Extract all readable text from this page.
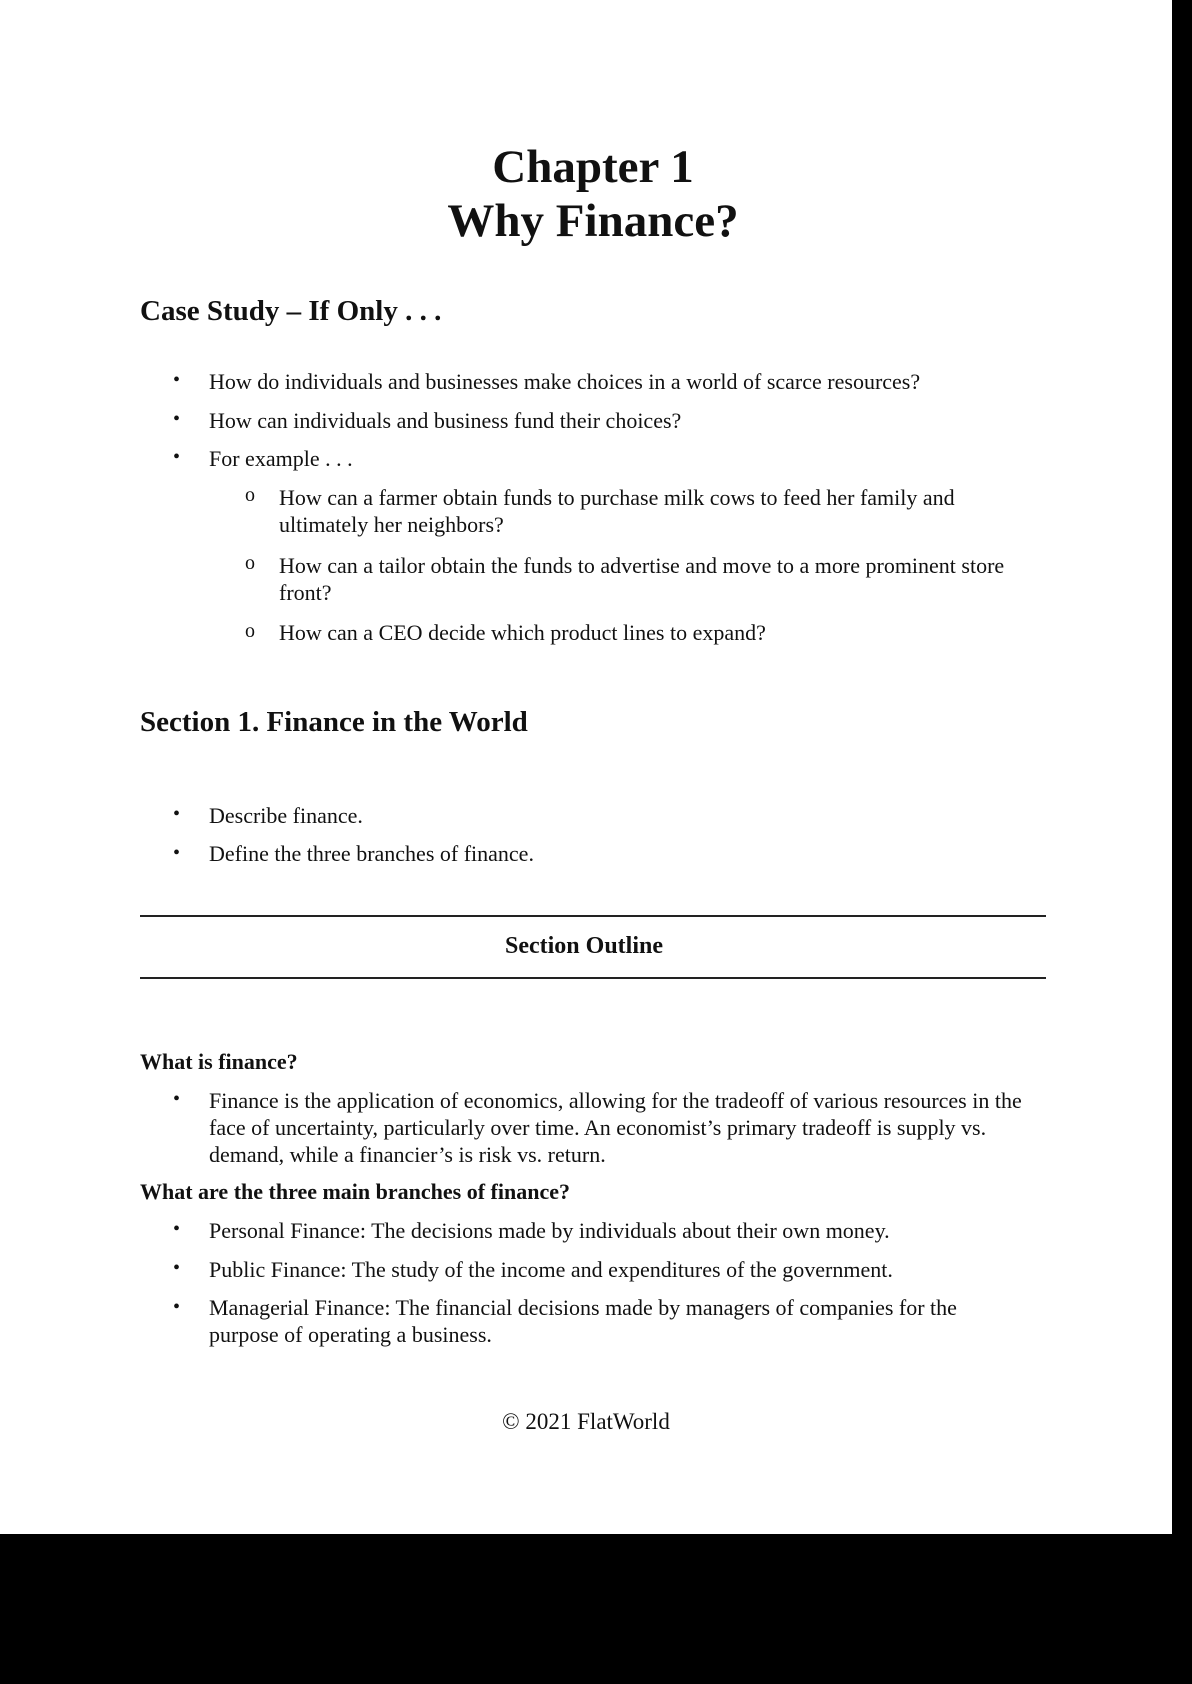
Chapter 1
Why Finance?
Case Study – If Only . . .
• How do individuals and businesses make choices in a world of scarce resources?
• How can individuals and business fund their choices?
• For example . . .
o How can a farmer obtain funds to purchase milk cows to feed her family and ultimately her neighbors?
o How can a tailor obtain the funds to advertise and move to a more prominent store front?
o How can a CEO decide which product lines to expand?
Section 1. Finance in the World
• Describe finance.
• Define the three branches of finance.
Section Outline
What is finance?
• Finance is the application of economics, allowing for the tradeoff of various resources in the face of uncertainty, particularly over time. An economist’s primary tradeoff is supply vs. demand, while a financier’s is risk vs. return.
What are the three main branches of finance?
• Personal Finance: The decisions made by individuals about their own money.
• Public Finance: The study of the income and expenditures of the government.
• Managerial Finance: The financial decisions made by managers of companies for the purpose of operating a business.
© 2021 FlatWorld
